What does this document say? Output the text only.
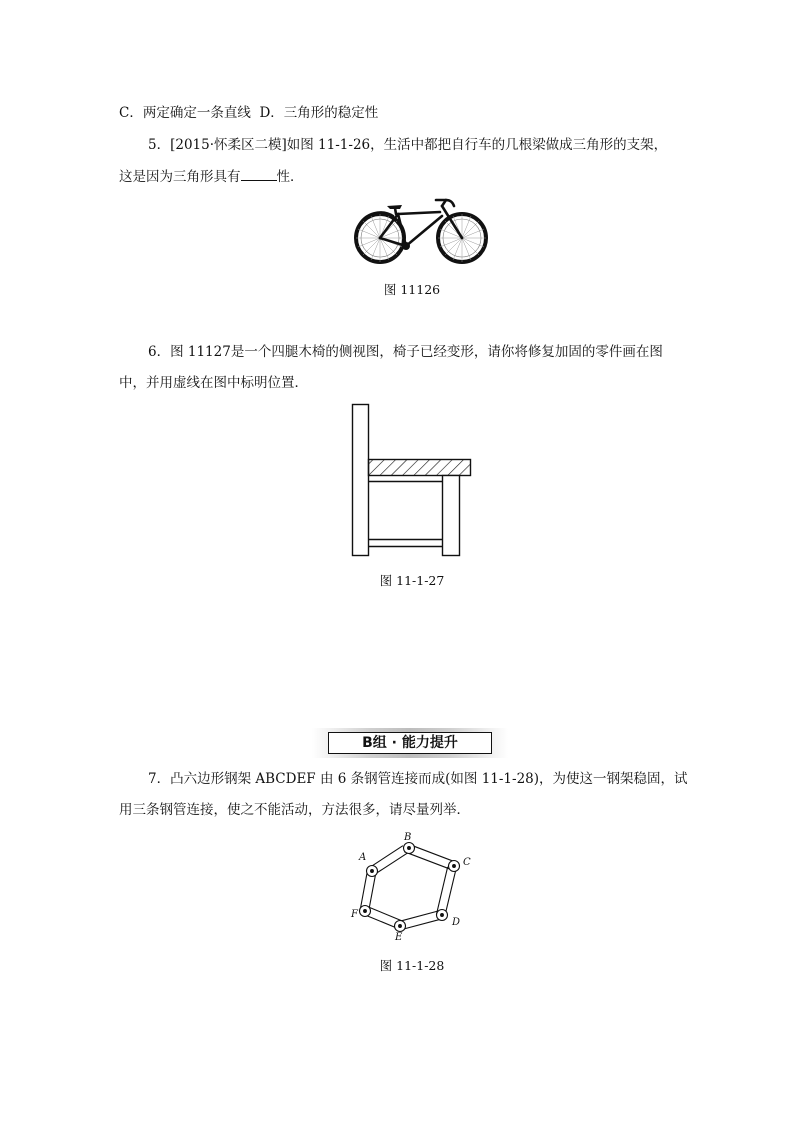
C．两定确定一条直线 D．三角形的稳定性
5．[2015·怀柔区二模]如图 11-1-26，生活中都把自行车的几根梁做成三角形的支架，
这是因为三角形具有	性．
图 11126
6．图 11127是一个四腿木椅的侧视图，椅子已经变形，请你将修复加固的零件画在图
中，并用虚线在图中标明位置．
图 11-1-27
B组 · 能力提升
7．凸六边形钢架 ABCDEF 由 6 条钢管连接而成(如图 11-1-28)，为使这一钢架稳固，试
用三条钢管连接，使之不能活动，方法很多，请尽量列举．
A
B
C
D
E
F
图 11-1-28
